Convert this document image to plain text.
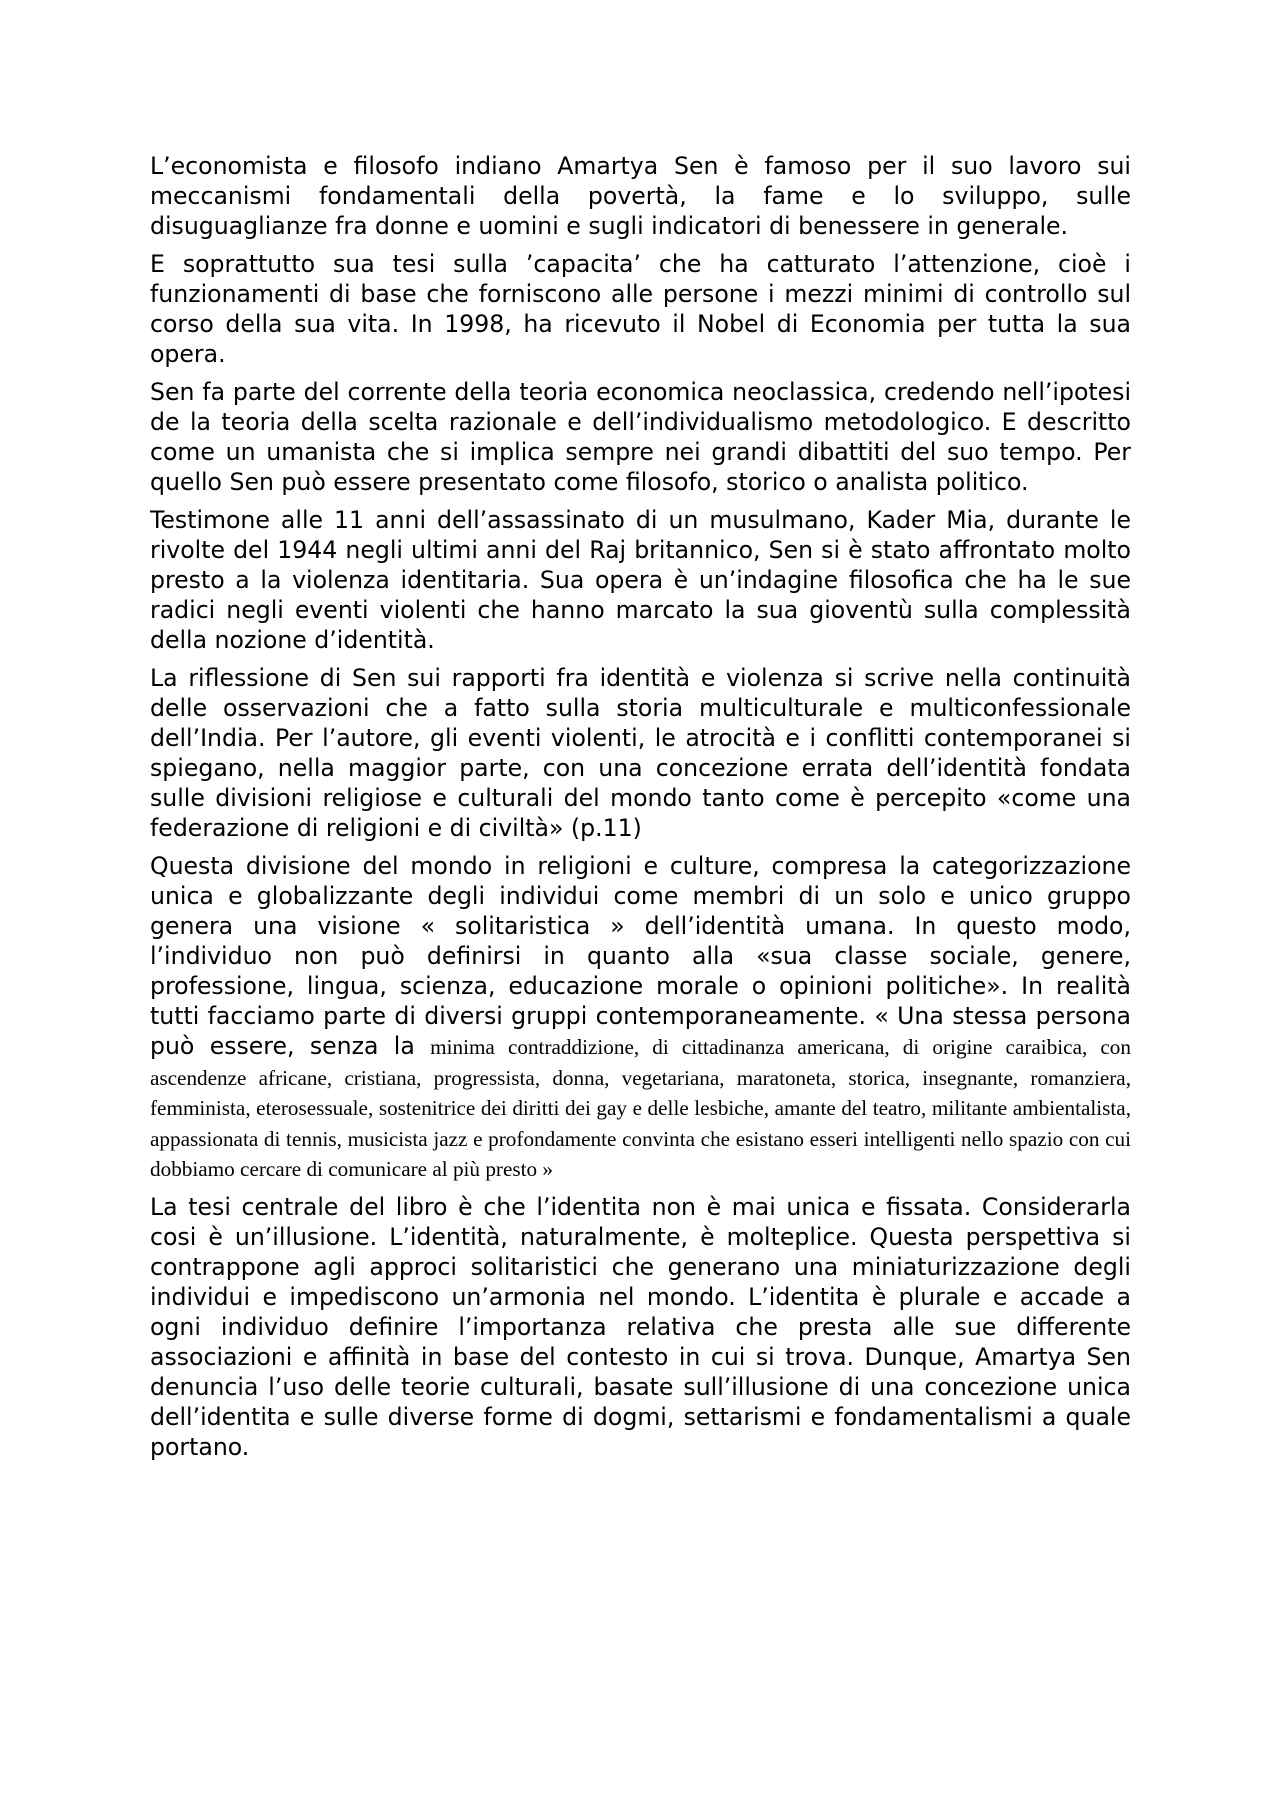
L’economista e filosofo indiano Amartya Sen è famoso per il suo lavoro sui meccanismi fondamentali della povertà, la fame e lo sviluppo, sulle disuguaglianze fra donne e uomini e sugli indicatori di benessere in generale.

E soprattutto sua tesi sulla ’capacita’ che ha catturato l’attenzione, cioè i funzionamenti di base che forniscono alle persone i mezzi minimi di controllo sul corso della sua vita. In 1998, ha ricevuto il Nobel di Economia per tutta la sua opera.

Sen fa parte del corrente della teoria economica neoclassica, credendo nell’ipotesi de la teoria della scelta razionale e dell’individualismo metodologico. E descritto come un umanista che si implica sempre nei grandi dibattiti del suo tempo. Per quello Sen può essere presentato come filosofo, storico o analista politico.

Testimone alle 11 anni dell’assassinato di un musulmano, Kader Mia, durante le rivolte del 1944 negli ultimi anni del Raj britannico, Sen si è stato affrontato molto presto a la violenza identitaria. Sua opera è un’indagine filosofica che ha le sue radici negli eventi violenti che hanno marcato la sua gioventù sulla complessità della nozione d’identità.

La riflessione di Sen sui rapporti fra identità e violenza si scrive nella continuità delle osservazioni che a fatto sulla storia multiculturale e multiconfessionale dell’India. Per l’autore, gli eventi violenti, le atrocità e i conflitti contemporanei si spiegano, nella maggior parte, con una concezione errata dell’identità fondata sulle divisioni religiose e culturali del mondo tanto come è percepito «come una federazione di religioni e di civiltà» (p.11)

Questa divisione del mondo in religioni e culture, compresa la categorizzazione unica e globalizzante degli individui come membri di un solo e unico gruppo genera una visione « solitaristica » dell’identità umana. In questo modo, l’individuo non può definirsi in quanto alla «sua classe sociale, genere, professione, lingua, scienza, educazione morale o opinioni politiche». In realità tutti facciamo parte di diversi gruppi contemporaneamente. « Una stessa persona può essere, senza la minima contraddizione, di cittadinanza americana, di origine caraibica, con ascendenze africane, cristiana, progressista, donna, vegetariana, maratoneta, storica, insegnante, romanziera, femminista, eterosessuale, sostenitrice dei diritti dei gay e delle lesbiche, amante del teatro, militante ambientalista, appassionata di tennis, musicista jazz e profondamente convinta che esistano esseri intelligenti nello spazio con cui dobbiamo cercare di comunicare al più presto »

La tesi centrale del libro è che l’identita non è mai unica e fissata. Considerarla cosi è un’illusione. L’identità, naturalmente, è molteplice. Questa perspettiva si contrappone agli approci solitaristici che generano una miniaturizzazione degli individui e impediscono un’armonia nel mondo. L’identita è plurale e accade a ogni individuo definire l’importanza relativa che presta alle sue differente associazioni e affinità in base del contesto in cui si trova. Dunque, Amartya Sen denuncia l’uso delle teorie culturali, basate sull’illusione di una concezione unica dell’identita e sulle diverse forme di dogmi, settarismi e fondamentalismi a quale portano.
